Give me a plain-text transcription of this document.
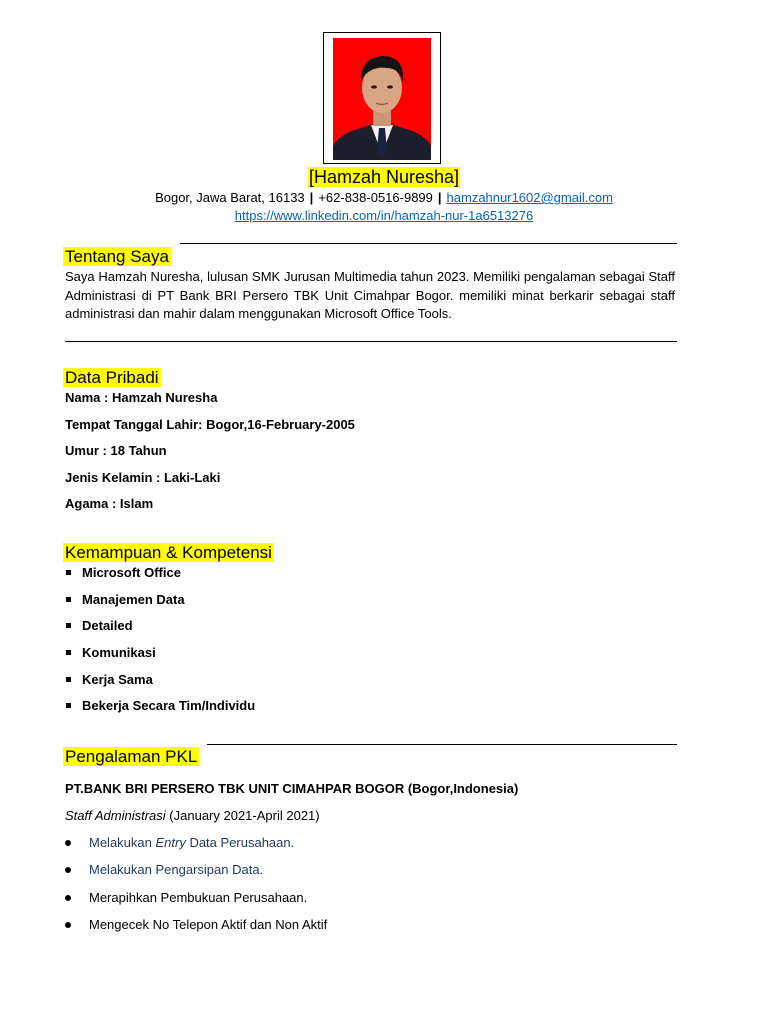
[Hamzah Nuresha]
Bogor, Jawa Barat, 16133 | +62-838-0516-9899 | hamzahnur1602@gmail.com
https://www.linkedin.com/in/hamzah-nur-1a6513276
Tentang Saya
Saya Hamzah Nuresha, lulusan SMK Jurusan Multimedia tahun 2023. Memiliki pengalaman sebagai Staff Administrasi di PT Bank BRI Persero TBK Unit Cimahpar Bogor. memiliki minat berkarir sebagai staff administrasi dan mahir dalam menggunakan Microsoft Office Tools.
Data Pribadi
Nama : Hamzah Nuresha
Tempat Tanggal Lahir: Bogor,16-February-2005
Umur : 18 Tahun
Jenis Kelamin : Laki-Laki
Agama : Islam
Kemampuan & Kompetensi
Microsoft Office
Manajemen Data
Detailed
Komunikasi
Kerja Sama
Bekerja Secara Tim/Individu
Pengalaman PKL
PT.BANK BRI PERSERO TBK UNIT CIMAHPAR BOGOR (Bogor,Indonesia)
Staff Administrasi (January 2021-April 2021)
Melakukan Entry Data Perusahaan.
Melakukan Pengarsipan Data.
Merapihkan Pembukuan Perusahaan.
Mengecek No Telepon Aktif dan Non Aktif
